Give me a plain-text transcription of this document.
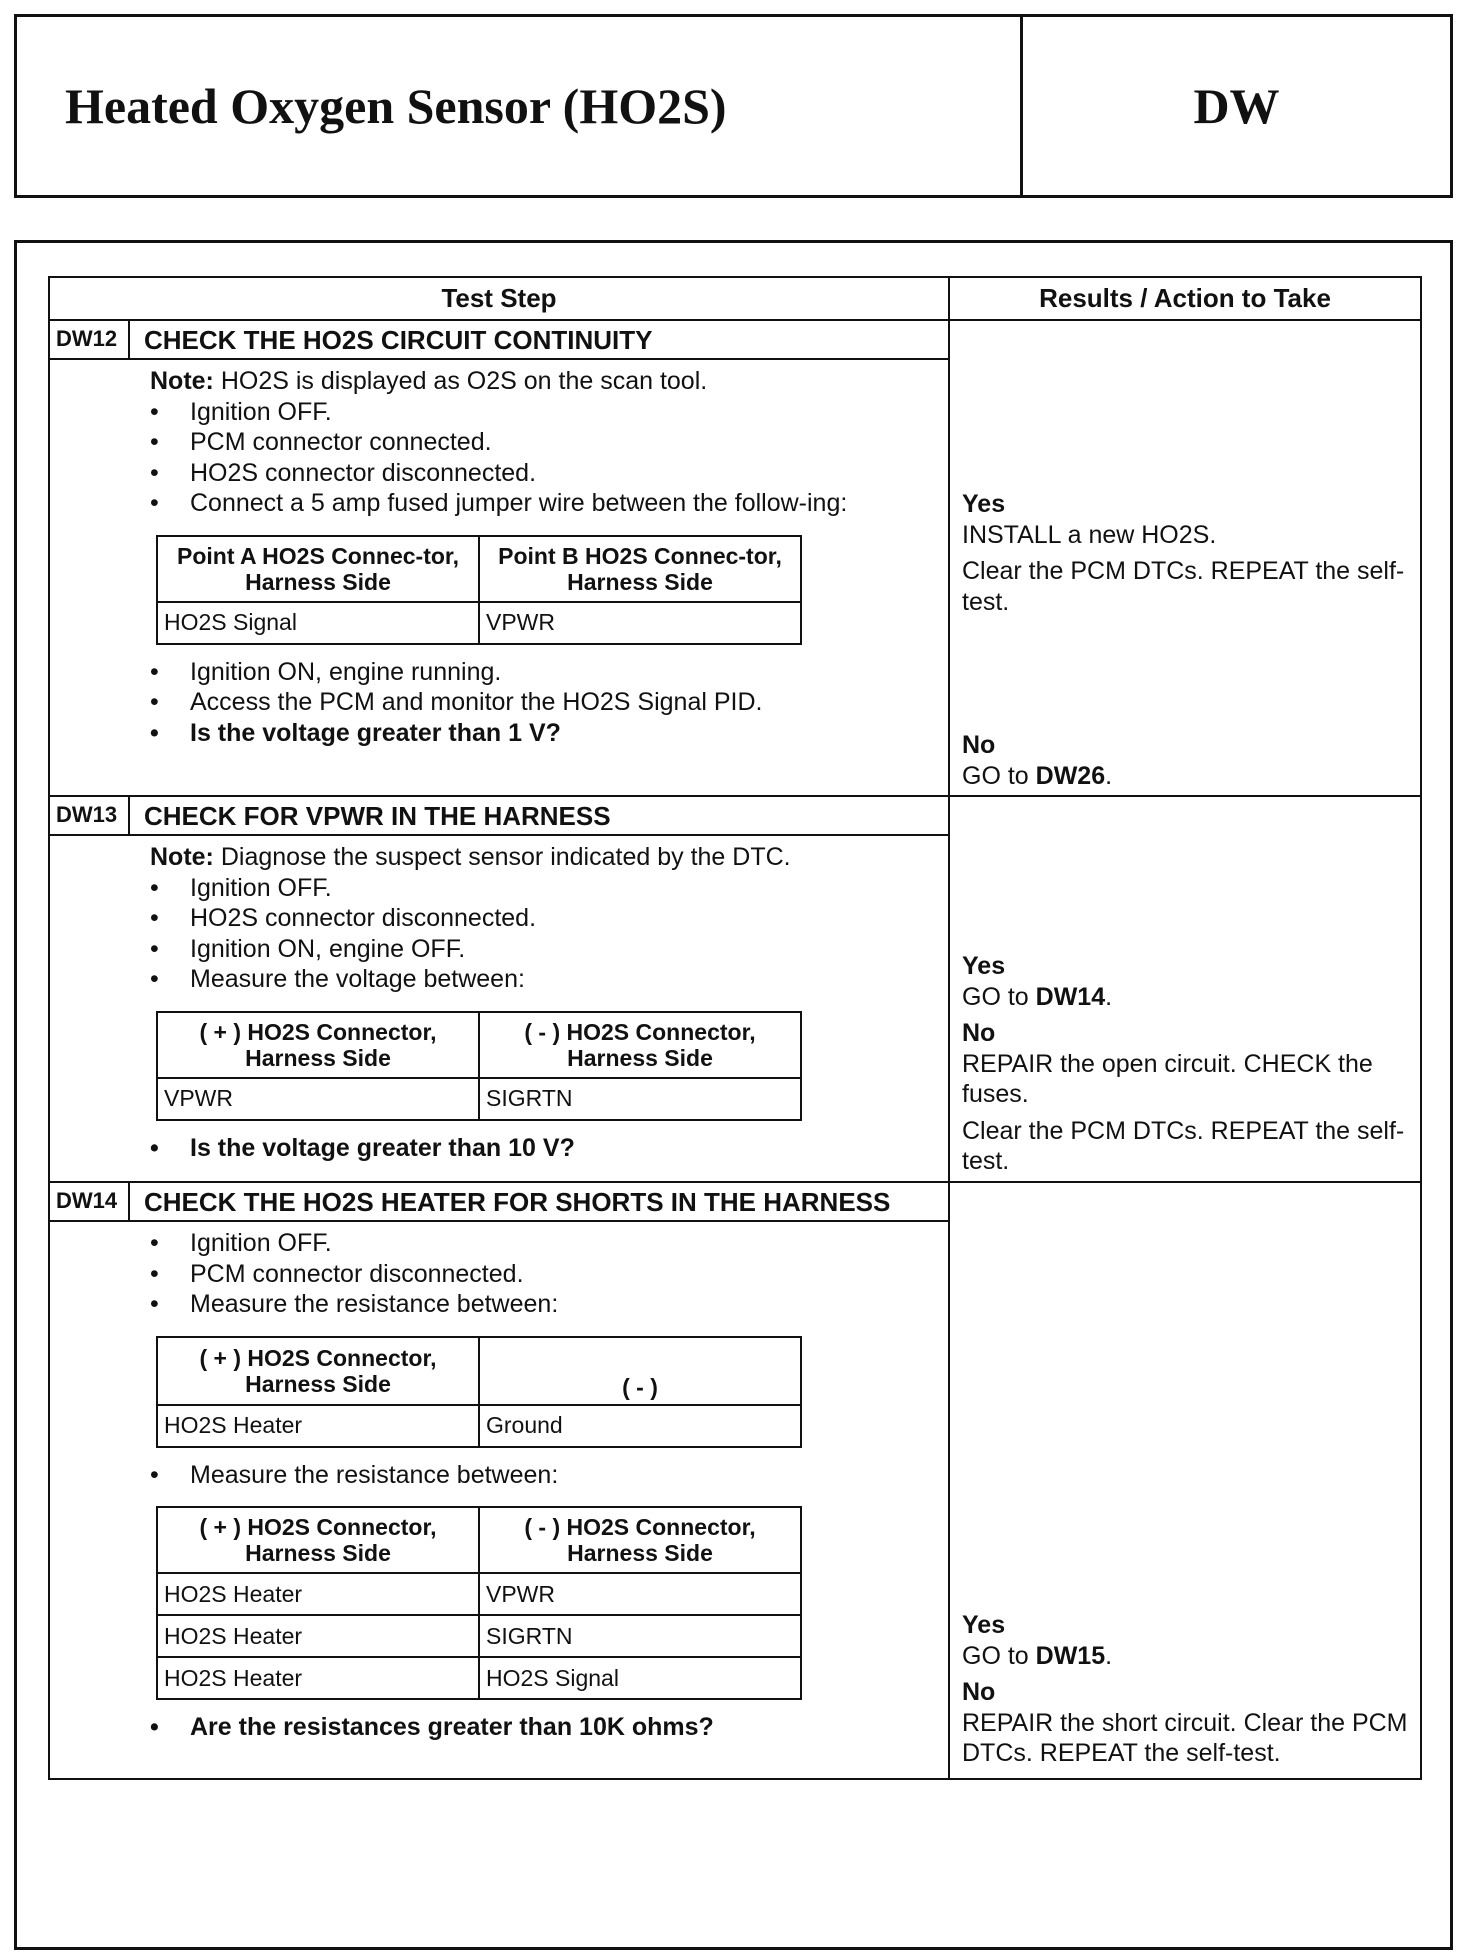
Heated Oxygen Sensor (HO2S)	DW
Test Step	Results / Action to Take
DW12	CHECK THE HO2S CIRCUIT CONTINUITY
Note: HO2S is displayed as O2S on the scan tool.
• Ignition OFF.
• PCM connector connected.
• HO2S connector disconnected.
• Connect a 5 amp fused jumper wire between the follow-ing:
Point A HO2S Connec-tor, Harness Side	Point B HO2S Connec-tor, Harness Side
HO2S Signal	VPWR
• Ignition ON, engine running.
• Access the PCM and monitor the HO2S Signal PID.
• Is the voltage greater than 1 V?

Yes

INSTALL a new HO2S.

Clear the PCM DTCs. REPEAT the self-test.

No

GO to DW26.

DW13	CHECK FOR VPWR IN THE HARNESS
Note: Diagnose the suspect sensor indicated by the DTC.
• Ignition OFF.
• HO2S connector disconnected.
• Ignition ON, engine OFF.
• Measure the voltage between:
( + ) HO2S Connector, Harness Side	( - ) HO2S Connector, Harness Side
VPWR	SIGRTN
• Is the voltage greater than 10 V?

Yes

GO to DW14.

No

REPAIR the open circuit. CHECK the fuses.

Clear the PCM DTCs. REPEAT the self-test.

DW14	CHECK THE HO2S HEATER FOR SHORTS IN THE HARNESS
• Ignition OFF.
• PCM connector disconnected.
• Measure the resistance between:
( + ) HO2S Connector, Harness Side	( - )
HO2S Heater	Ground
• Measure the resistance between:
( + ) HO2S Connector, Harness Side	( - ) HO2S Connector, Harness Side
HO2S Heater	VPWR
HO2S Heater	SIGRTN
HO2S Heater	HO2S Signal
• Are the resistances greater than 10K ohms?

Yes

GO to DW15.

No

REPAIR the short circuit. Clear the PCM DTCs. REPEAT the self-test.
